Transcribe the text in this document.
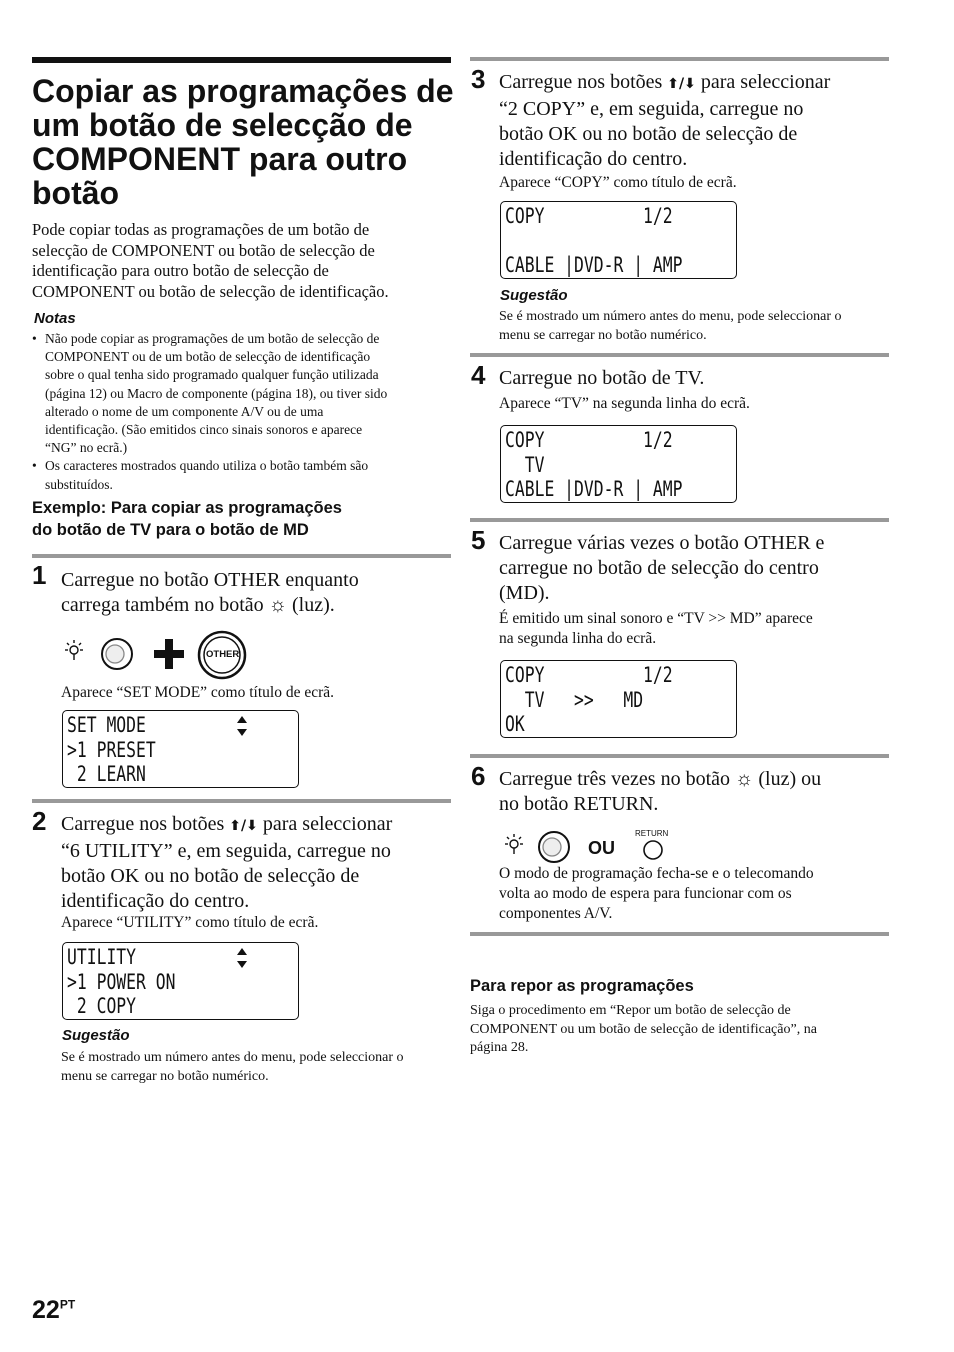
Copiar as programações de
um botão de selecção de
COMPONENT para outro
botão
Pode copiar todas as programações de um botão de
selecção de COMPONENT ou botão de selecção de
identificação para outro botão de selecção de
COMPONENT ou botão de selecção de identificação.
Notas
• Não pode copiar as programações de um botão de selecção de
COMPONENT ou de um botão de selecção de identificação
sobre o qual tenha sido programado qualquer função utilizada
(página 12) ou Macro de componente (página 18), ou tiver sido
alterado o nome de um componente A/V ou de uma
identificação. (São emitidos cinco sinais sonoros e aparece
“NG” no ecrã.)
• Os caracteres mostrados quando utiliza o botão também são
substituídos.
Exemplo: Para copiar as programações
do botão de TV para o botão de MD
1 Carregue no botão OTHER enquanto
carrega também no botão ☼ (luz).
OTHER
Aparece “SET MODE” como título de ecrã.
SET MODE
>1 PRESET
2 LEARN
2 Carregue nos botões ⬆/⬇ para seleccionar
“6 UTILITY” e, em seguida, carregue no
botão OK ou no botão de selecção de
identificação do centro.
Aparece “UTILITY” como título de ecrã.
UTILITY
>1 POWER ON
2 COPY
Sugestão
Se é mostrado um número antes do menu, pode seleccionar o
menu se carregar no botão numérico.
$22^{PT}$
3 Carregue nos botões ⬆/⬇ para seleccionar
“2 COPY” e, em seguida, carregue no
botão OK ou no botão de selecção de
identificação do centro.
Aparece “COPY” como título de ecrã.
COPY          1/2
CABLE |DVD-R | AMP
Sugestão
Se é mostrado um número antes do menu, pode seleccionar o
menu se carregar no botão numérico.
4 Carregue no botão de TV.
Aparece “TV” na segunda linha do ecrã.
COPY          1/2
TV
CABLE |DVD-R | AMP
5 Carregue várias vezes o botão OTHER e
carregue no botão de selecção do centro
(MD).
É emitido um sinal sonoro e “TV >> MD” aparece
na segunda linha do ecrã.
COPY          1/2
TV   >>   MD
OK
6 Carregue três vezes no botão ☼ (luz) ou
no botão RETURN.
OU
RETURN
O modo de programação fecha-se e o telecomando
volta ao modo de espera para funcionar com os
componentes A/V.
Para repor as programações
Siga o procedimento em “Repor um botão de selecção de
COMPONENT ou um botão de selecção de identificação”, na
página 28.
